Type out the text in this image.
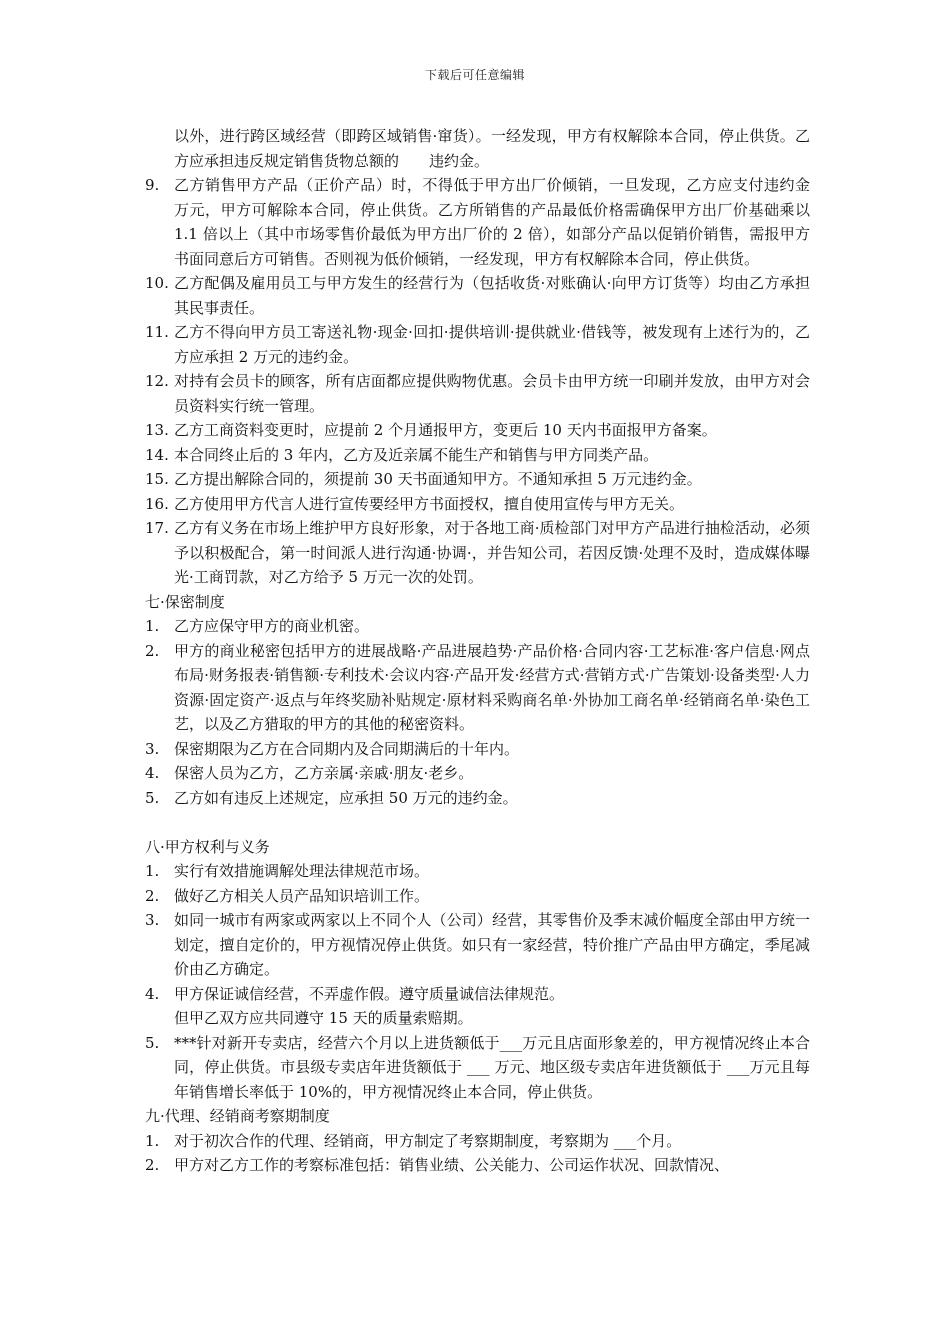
下载后可任意编辑
以外，进行跨区域经营（即跨区域销售·窜货）。一经发现，甲方有权解除本合同，停止供货。乙方应承担违反规定销售货物总额的　　违约金。
9. 乙方销售甲方产品（正价产品）时，不得低于甲方出厂价倾销，一旦发现，乙方应支付违约金　　万元，甲方可解除本合同，停止供货。乙方所销售的产品最低价格需确保甲方出厂价基础乘以 1.1 倍以上（其中市场零售价最低为甲方出厂价的 2 倍），如部分产品以促销价销售，需报甲方书面同意后方可销售。否则视为低价倾销，一经发现，甲方有权解除本合同，停止供货。
10. 乙方配偶及雇用员工与甲方发生的经营行为（包括收货·对账确认·向甲方订货等）均由乙方承担其民事责任。
11. 乙方不得向甲方员工寄送礼物·现金·回扣·提供培训·提供就业·借钱等，被发现有上述行为的，乙方应承担 2 万元的违约金。
12. 对持有会员卡的顾客，所有店面都应提供购物优惠。会员卡由甲方统一印刷并发放，由甲方对会员资料实行统一管理。
13. 乙方工商资料变更时，应提前 2 个月通报甲方，变更后 10 天内书面报甲方备案。
14. 本合同终止后的 3 年内，乙方及近亲属不能生产和销售与甲方同类产品。
15. 乙方提出解除合同的，须提前 30 天书面通知甲方。不通知承担 5 万元违约金。
16. 乙方使用甲方代言人进行宣传要经甲方书面授权，擅自使用宣传与甲方无关。
17. 乙方有义务在市场上维护甲方良好形象，对于各地工商·质检部门对甲方产品进行抽检活动，必须予以积极配合，第一时间派人进行沟通·协调·，并告知公司，若因反馈·处理不及时，造成媒体曝光·工商罚款，对乙方给予 5 万元一次的处罚。
七·保密制度
1. 乙方应保守甲方的商业机密。
2. 甲方的商业秘密包括甲方的进展战略·产品进展趋势·产品价格·合同内容·工艺标准·客户信息·网点布局·财务报表·销售额·专利技术·会议内容·产品开发·经营方式·营销方式·广告策划·设备类型·人力资源·固定资产·返点与年终奖励补贴规定·原材料采购商名单·外协加工商名单·经销商名单·染色工艺，以及乙方猎取的甲方的其他的秘密资料。
3. 保密期限为乙方在合同期内及合同期满后的十年内。
4. 保密人员为乙方，乙方亲属·亲戚·朋友·老乡。
5. 乙方如有违反上述规定，应承担 50 万元的违约金。
八·甲方权利与义务
1. 实行有效措施调解处理法律规范市场。
2. 做好乙方相关人员产品知识培训工作。
3. 如同一城市有两家或两家以上不同个人（公司）经营，其零售价及季末减价幅度全部由甲方统一划定，擅自定价的，甲方视情况停止供货。如只有一家经营，特价推广产品由甲方确定，季尾减价由乙方确定。
4. 甲方保证诚信经营，不弄虚作假。遵守质量诚信法律规范。
但甲乙双方应共同遵守 15 天的质量索赔期。
5. ***针对新开专卖店，经营六个月以上进货额低于___万元且店面形象差的，甲方视情况终止本合同，停止供货。市县级专卖店年进货额低于 ___ 万元、地区级专卖店年进货额低于 ___万元且每年销售增长率低于 10%的，甲方视情况终止本合同，停止供货。
九·代理、经销商考察期制度
1. 对于初次合作的代理、经销商，甲方制定了考察期制度，考察期为 ___个月。
2. 甲方对乙方工作的考察标准包括：销售业绩、公关能力、公司运作状况、回款情况、
